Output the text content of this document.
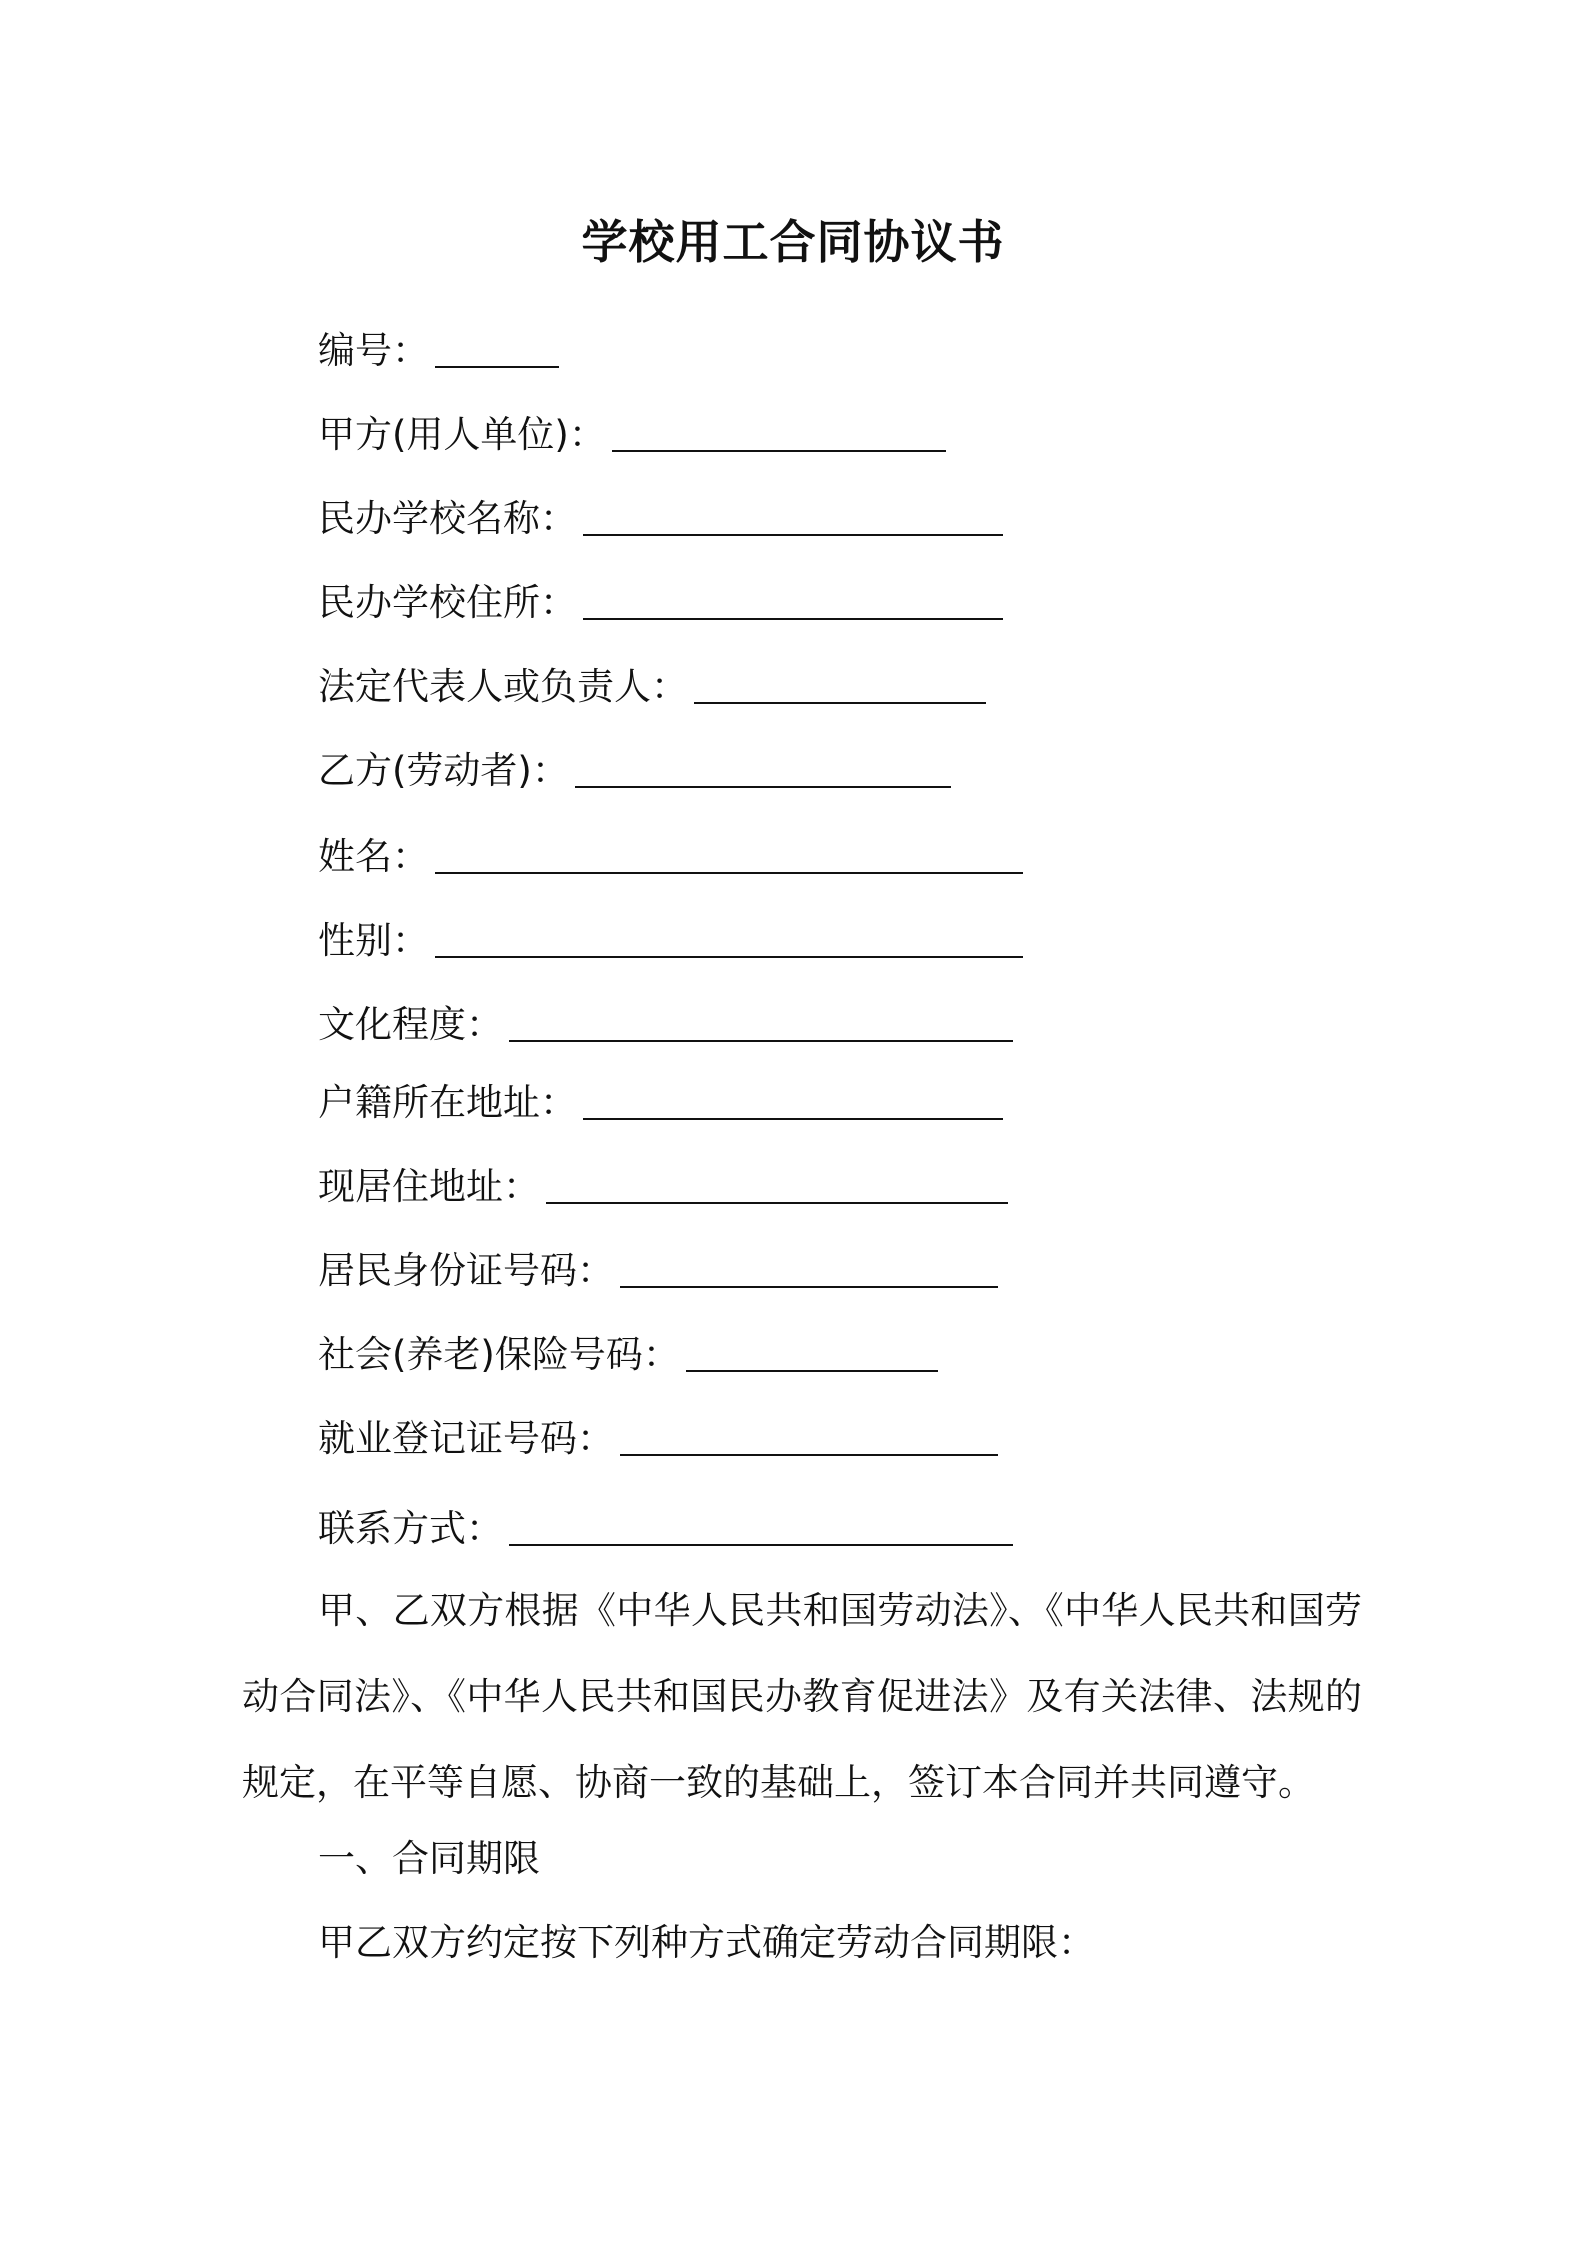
学校用工合同协议书
编号 ：
甲方(用人单位) ：
民办学校名称 ：
民办学校住所 ：
法定代表人或负责人 ：
乙方(劳动者) ：
姓名 ：
性别 ：
文化程度 ：
户籍所在地址 ：
现居住地址 ：
居民身份证号码 ：
社会(养老)保险号码 ：
就业登记证号码 ：
联系方式 ：

甲、乙双方根据《中华人民共和国劳动法》、《中华人民共和国劳动合同法》、《中华人民共和国民办教育促进法》及有关法律、法规的规定，在平等自愿、协商一致的基础上，签订本合同并共同遵守。

一、合同期限
甲乙双方约定按下列种方式确定劳动合同期限：
